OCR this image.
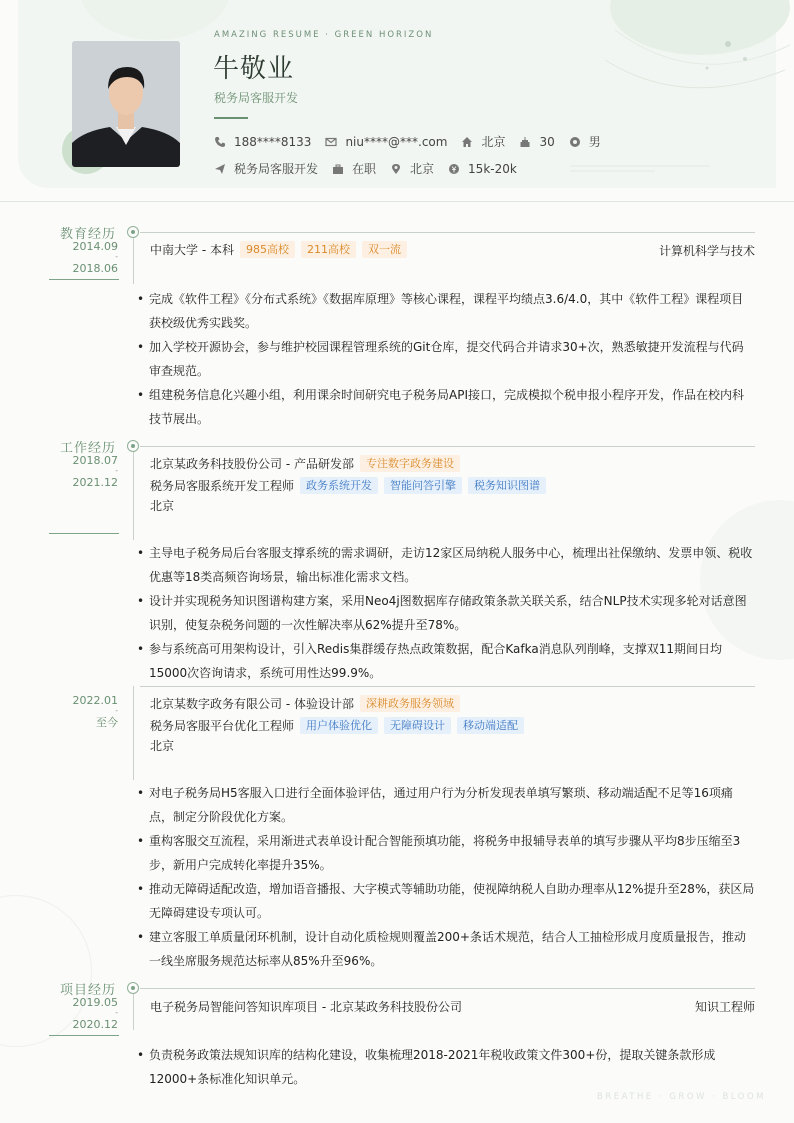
AMAZING RESUME · GREEN HORIZON
牛敬业
税务局客服开发
188****8133	niu****@***.com	北京	30	男
税务局客服开发	在职	北京	15k-20k
教育经历
2014.09
-
2018.06
中南大学 - 本科	985高校	211高校	双一流	计算机科学与技术
• 完成《软件工程》《分布式系统》《数据库原理》等核心课程，课程平均绩点3.6/4.0，其中《软件工程》课程项目获校级优秀实践奖。
• 加入学校开源协会，参与维护校园课程管理系统的Git仓库，提交代码合并请求30+次，熟悉敏捷开发流程与代码审查规范。
• 组建税务信息化兴趣小组，利用课余时间研究电子税务局API接口，完成模拟个税申报小程序开发，作品在校内科技节展出。
工作经历
2018.07
-
2021.12
北京某政务科技股份公司 - 产品研发部	专注数字政务建设
税务局客服系统开发工程师	政务系统开发	智能问答引擎	税务知识图谱
北京
• 主导电子税务局后台客服支撑系统的需求调研，走访12家区局纳税人服务中心，梳理出社保缴纳、发票申领、税收优惠等18类高频咨询场景，输出标准化需求文档。
• 设计并实现税务知识图谱构建方案，采用Neo4j图数据库存储政策条款关联关系，结合NLP技术实现多轮对话意图识别，使复杂税务问题的一次性解决率从62%提升至78%。
• 参与系统高可用架构设计，引入Redis集群缓存热点政策数据，配合Kafka消息队列削峰，支撑双11期间日均15000次咨询请求，系统可用性达99.9%。
2022.01
-
至今
北京某数字政务有限公司 - 体验设计部	深耕政务服务领域
税务局客服平台优化工程师	用户体验优化	无障碍设计	移动端适配
北京
• 对电子税务局H5客服入口进行全面体验评估，通过用户行为分析发现表单填写繁琐、移动端适配不足等16项痛点，制定分阶段优化方案。
• 重构客服交互流程，采用渐进式表单设计配合智能预填功能，将税务申报辅导表单的填写步骤从平均8步压缩至3步，新用户完成转化率提升35%。
• 推动无障碍适配改造，增加语音播报、大字模式等辅助功能，使视障纳税人自助办理率从12%提升至28%，获区局无障碍建设专项认可。
• 建立客服工单质量闭环机制，设计自动化质检规则覆盖200+条话术规范，结合人工抽检形成月度质量报告，推动一线坐席服务规范达标率从85%升至96%。
项目经历
2019.05
-
2020.12
电子税务局智能问答知识库项目 - 北京某政务科技股份公司	知识工程师
• 负责税务政策法规知识库的结构化建设，收集梳理2018-2021年税收政策文件300+份，提取关键条款形成12000+条标准化知识单元。
BREATHE · GROW · BLOOM
